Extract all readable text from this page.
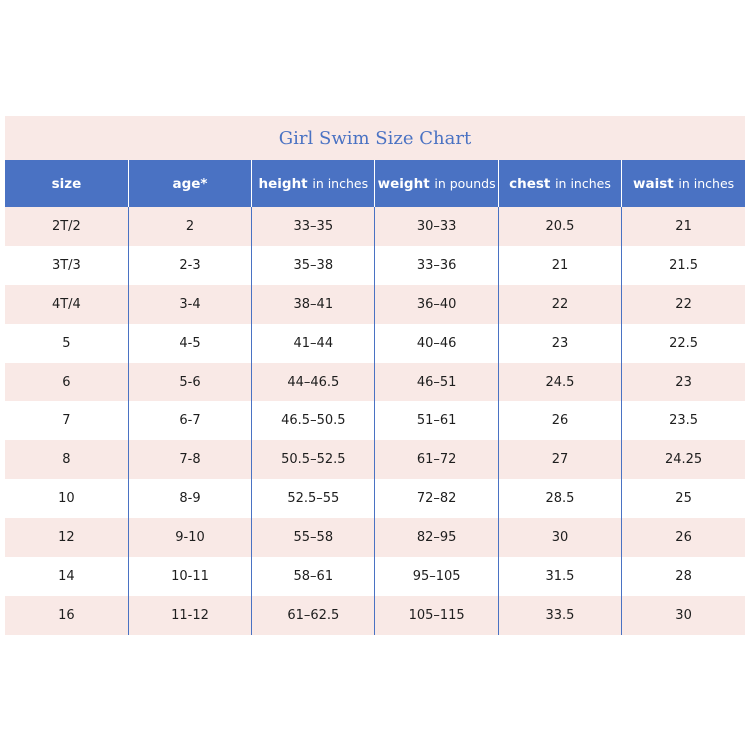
Girl Swim Size Chart
size	age*	height in inches	weight in pounds	chest in inches	waist in inches
2T/2	2	33–35	30–33	20.5	21
3T/3	2-3	35–38	33–36	21	21.5
4T/4	3-4	38–41	36–40	22	22
5	4-5	41–44	40–46	23	22.5
6	5-6	44–46.5	46–51	24.5	23
7	6-7	46.5–50.5	51–61	26	23.5
8	7-8	50.5–52.5	61–72	27	24.25
10	8-9	52.5–55	72–82	28.5	25
12	9-10	55–58	82–95	30	26
14	10-11	58–61	95–105	31.5	28
16	11-12	61–62.5	105–115	33.5	30
